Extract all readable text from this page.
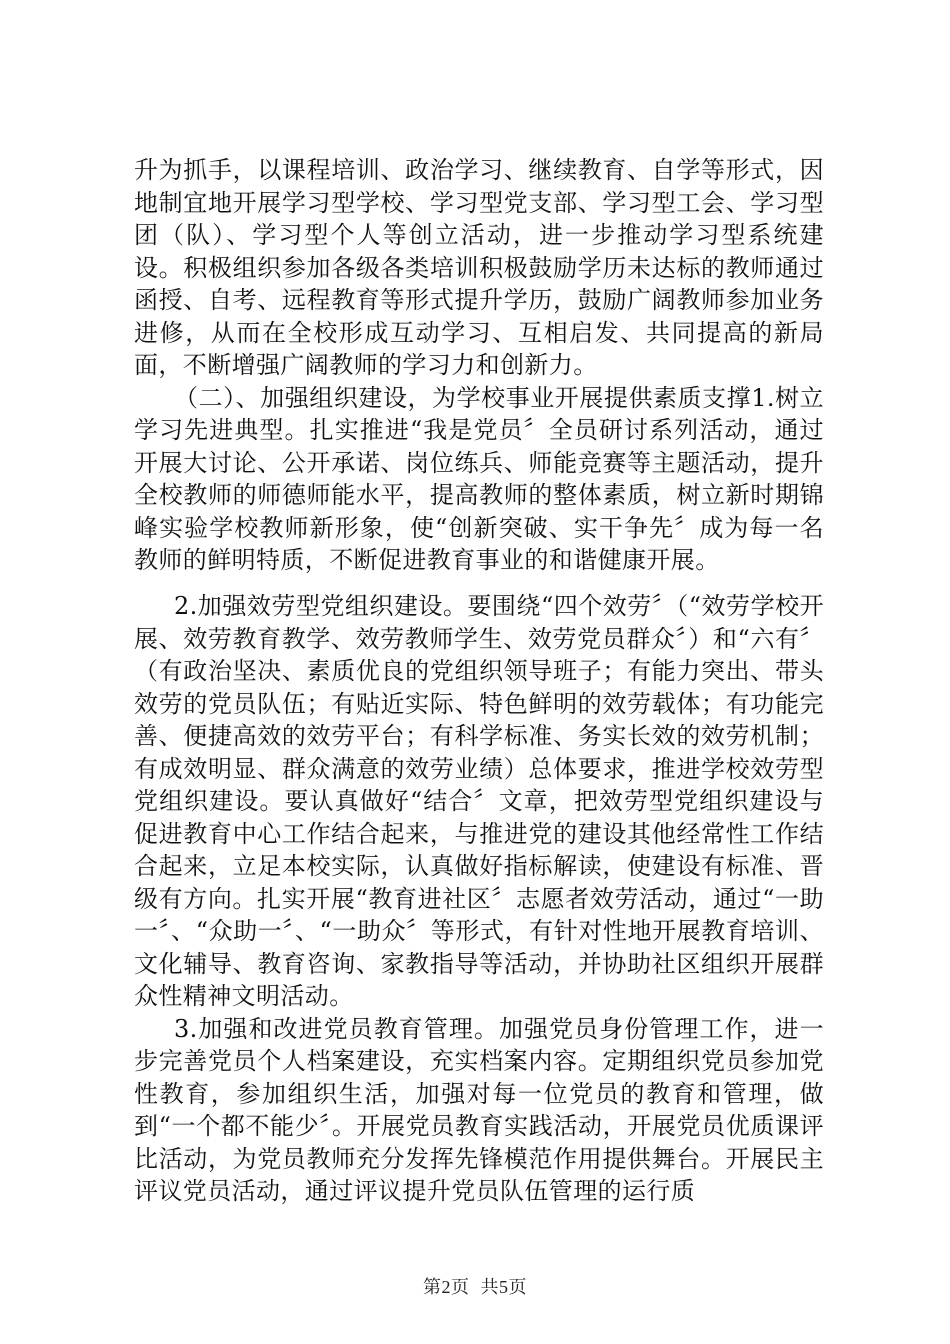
升为抓手，以课程培训、政治学习、继续教育、自学等形式，因地制宜地开展学习型学校、学习型党支部、学习型工会、学习型团（队）、学习型个人等创立活动，进一步推动学习型系统建设。积极组织参加各级各类培训积极鼓励学历未达标的教师通过函授、自考、远程教育等形式提升学历，鼓励广阔教师参加业务进修，从而在全校形成互动学习、互相启发、共同提高的新局面，不断增强广阔教师的学习力和创新力。

（二）、加强组织建设，为学校事业开展提供素质支撑1.树立学习先进典型。扎实推进“我是党员〞全员研讨系列活动，通过开展大讨论、公开承诺、岗位练兵、师能竞赛等主题活动，提升全校教师的师德师能水平，提高教师的整体素质，树立新时期锦峰实验学校教师新形象，使“创新突破、实干争先〞成为每一名教师的鲜明特质，不断促进教育事业的和谐健康开展。

2.加强效劳型党组织建设。要围绕“四个效劳〞（“效劳学校开展、效劳教育教学、效劳教师学生、效劳党员群众〞）和“六有〞（有政治坚决、素质优良的党组织领导班子；有能力突出、带头效劳的党员队伍；有贴近实际、特色鲜明的效劳载体；有功能完善、便捷高效的效劳平台；有科学标准、务实长效的效劳机制；有成效明显、群众满意的效劳业绩）总体要求，推进学校效劳型党组织建设。要认真做好“结合〞文章，把效劳型党组织建设与促进教育中心工作结合起来，与推进党的建设其他经常性工作结合起来，立足本校实际，认真做好指标解读，使建设有标准、晋级有方向。扎实开展“教育进社区〞志愿者效劳活动，通过“一助一〞、“众助一〞、“一助众〞等形式，有针对性地开展教育培训、文化辅导、教育咨询、家教指导等活动，并协助社区组织开展群众性精神文明活动。

3.加强和改进党员教育管理。加强党员身份管理工作，进一步完善党员个人档案建设，充实档案内容。定期组织党员参加党性教育，参加组织生活，加强对每一位党员的教育和管理，做到“一个都不能少〞。开展党员教育实践活动，开展党员优质课评比活动，为党员教师充分发挥先锋模范作用提供舞台。开展民主评议党员活动，通过评议提升党员队伍管理的运行质

第2页 共5页
